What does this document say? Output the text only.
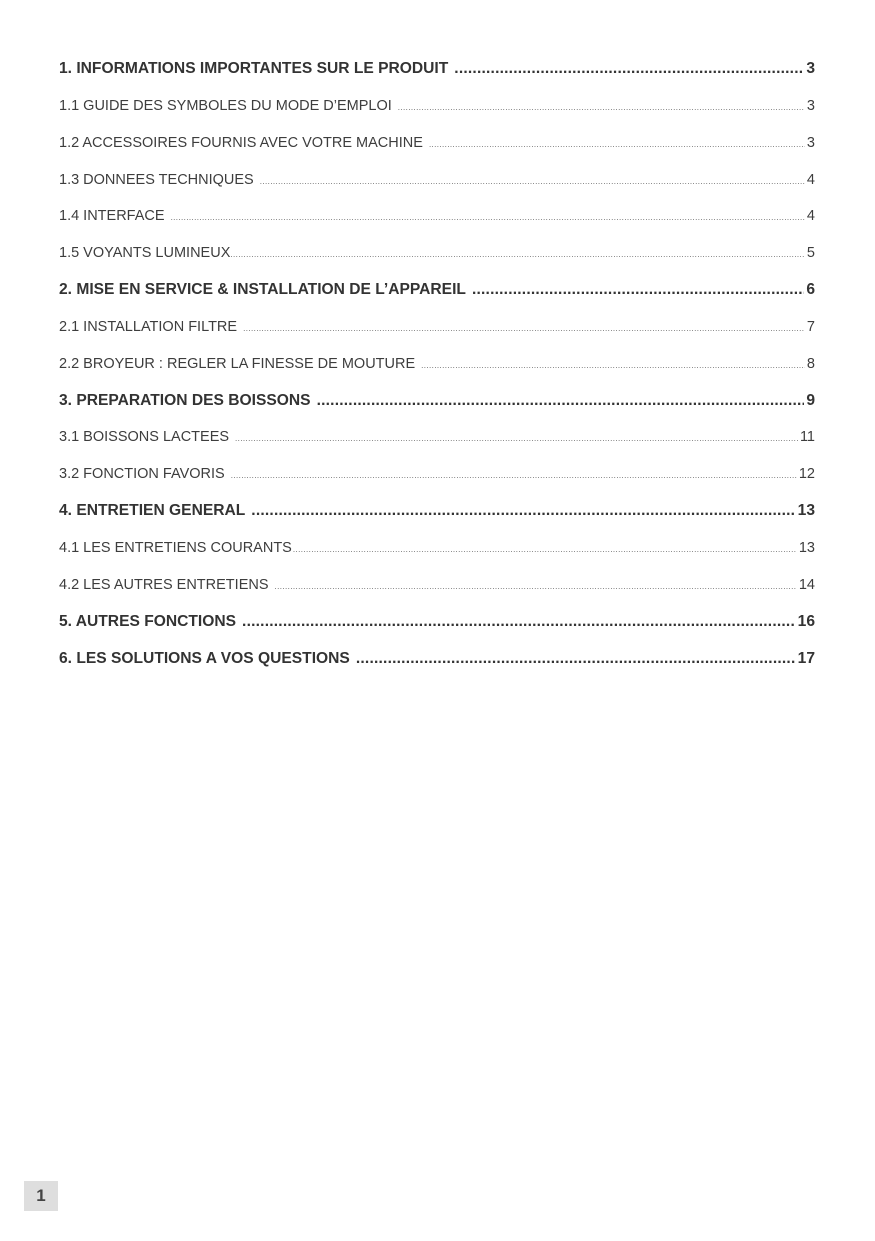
1. INFORMATIONS IMPORTANTES SUR LE PRODUIT .....	3
1.1 GUIDE DES SYMBOLES DU MODE D’EMPLOI .....	3
1.2 ACCESSOIRES FOURNIS AVEC VOTRE MACHINE .....	3
1.3 DONNEES TECHNIQUES .....	4
1.4 INTERFACE .....	4
1.5 VOYANTS LUMINEUX .....	5
2. MISE EN SERVICE & INSTALLATION DE L’APPAREIL .....	6
2.1 INSTALLATION FILTRE .....	7
2.2 BROYEUR : REGLER LA FINESSE DE MOUTURE .....	8
3. PREPARATION DES BOISSONS .....	9
3.1 BOISSONS LACTEES .....	11
3.2 FONCTION FAVORIS .....	12
4. ENTRETIEN GENERAL .....	13
4.1 LES ENTRETIENS COURANTS .....	13
4.2 LES AUTRES ENTRETIENS .....	14
5. AUTRES FONCTIONS .....	16
6. LES SOLUTIONS A VOS QUESTIONS .....	17
1
